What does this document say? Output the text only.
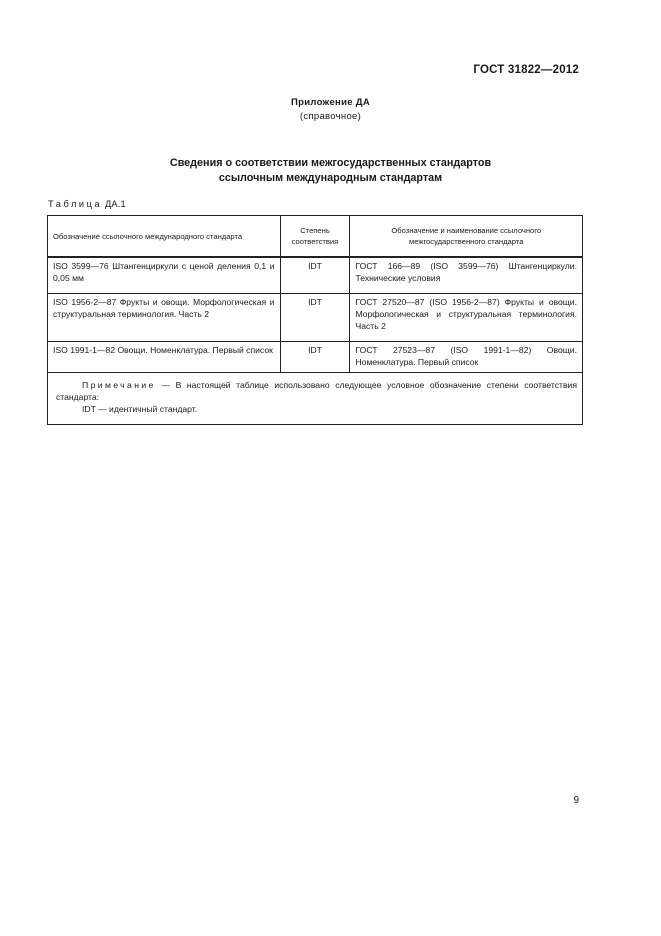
ГОСТ 31822—2012
Приложение ДА
(справочное)
Сведения о соответствии межгосударственных стандартов
ссылочным международным стандартам
Таблица ДА.1
Обозначение ссылочного международного стандарта	Степень соответствия	Обозначение и наименование ссылочного межгосударственного стандарта
ISO 3599—76 Штангенциркули с ценой деления 0,1 и 0,05 мм	IDT	ГОСТ 166—89 (ISO 3599—76) Штангенциркули. Технические условия
ISO 1956-2—87 Фрукты и овощи. Морфологическая и структуральная терминология. Часть 2	IDT	ГОСТ 27520—87 (ISO 1956-2—87) Фрукты и овощи. Морфологическая и структуральная терминология. Часть 2
ISO 1991-1—82 Овощи. Номенклатура. Первый список	IDT	ГОСТ 27523—87 (ISO 1991-1—82) Овощи. Номенклатура. Первый список

Примечание — В настоящей таблице использовано следующее условное обозначение степени соответствия стандарта:

IDT — идентичный стандарт.		

9
